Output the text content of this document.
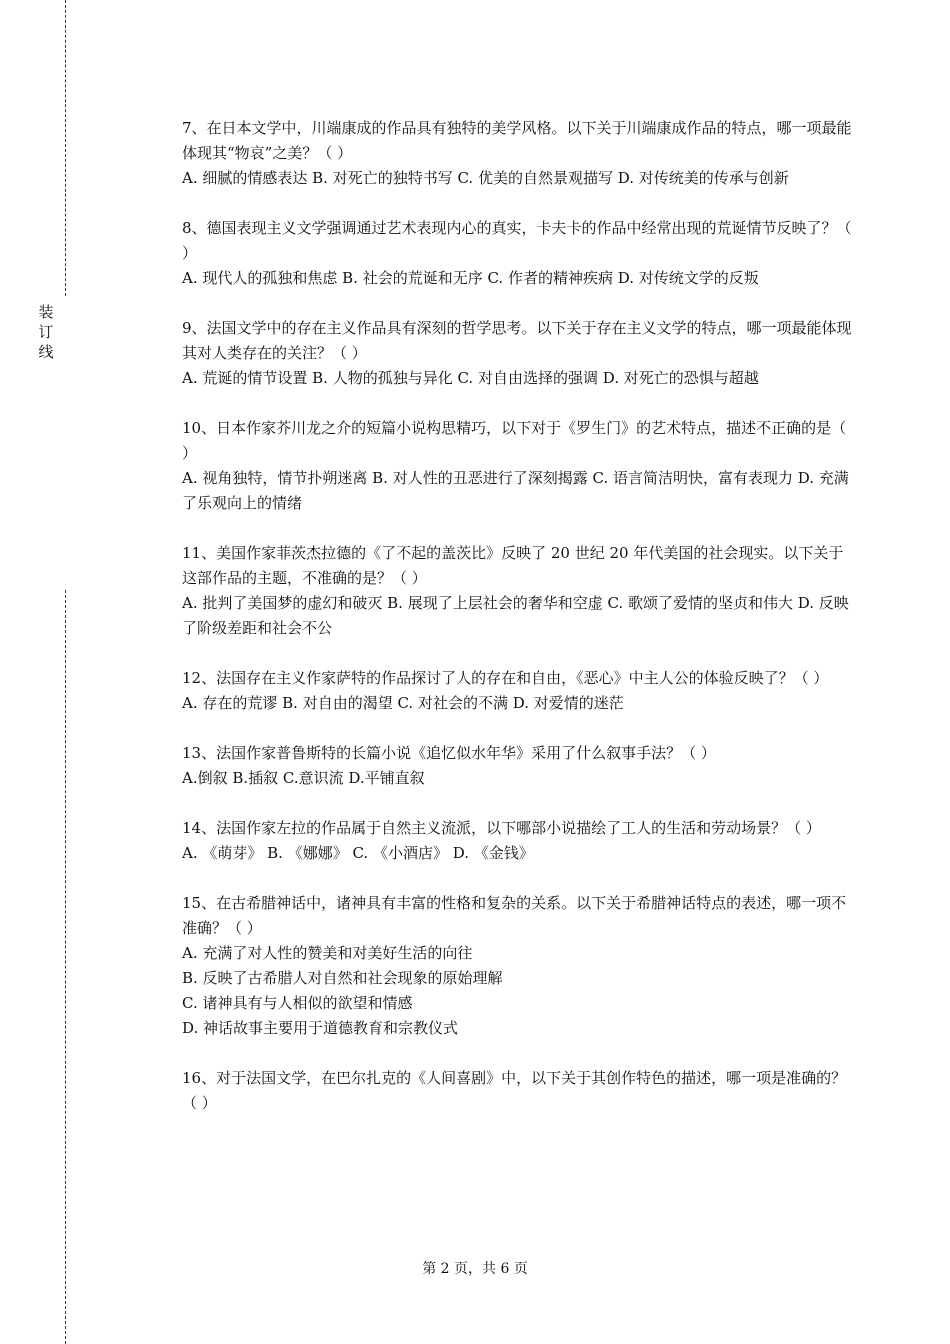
装订线

7、在日本文学中，川端康成的作品具有独特的美学风格。以下关于川端康成作品的特点，哪一项最能体现其“物哀”之美？（ ）

A. 细腻的情感表达 B. 对死亡的独特书写 C. 优美的自然景观描写 D. 对传统美的传承与创新

8、德国表现主义文学强调通过艺术表现内心的真实，卡夫卡的作品中经常出现的荒诞情节反映了？（ ）

A. 现代人的孤独和焦虑 B. 社会的荒诞和无序 C. 作者的精神疾病 D. 对传统文学的反叛

9、法国文学中的存在主义作品具有深刻的哲学思考。以下关于存在主义文学的特点，哪一项最能体现其对人类存在的关注？（ ）

A. 荒诞的情节设置 B. 人物的孤独与异化 C. 对自由选择的强调 D. 对死亡的恐惧与超越

10、日本作家芥川龙之介的短篇小说构思精巧，以下对于《罗生门》的艺术特点，描述不正确的是（ ）

A. 视角独特，情节扑朔迷离 B. 对人性的丑恶进行了深刻揭露 C. 语言简洁明快，富有表现力 D. 充满了乐观向上的情绪

11、美国作家菲茨杰拉德的《了不起的盖茨比》反映了 20 世纪 20 年代美国的社会现实。以下关于这部作品的主题，不准确的是？（ ）

A. 批判了美国梦的虚幻和破灭 B. 展现了上层社会的奢华和空虚 C. 歌颂了爱情的坚贞和伟大 D. 反映了阶级差距和社会不公

12、法国存在主义作家萨特的作品探讨了人的存在和自由，《恶心》中主人公的体验反映了？（ ）

A. 存在的荒谬 B. 对自由的渴望 C. 对社会的不满 D. 对爱情的迷茫

13、法国作家普鲁斯特的长篇小说《追忆似水年华》采用了什么叙事手法？（ ）

A.倒叙 B.插叙 C.意识流 D.平铺直叙

14、法国作家左拉的作品属于自然主义流派，以下哪部小说描绘了工人的生活和劳动场景？（ ）

A. 《萌芽》 B. 《娜娜》 C. 《小酒店》 D. 《金钱》

15、在古希腊神话中，诸神具有丰富的性格和复杂的关系。以下关于希腊神话特点的表述，哪一项不准确？（ ）

A. 充满了对人性的赞美和对美好生活的向往

B. 反映了古希腊人对自然和社会现象的原始理解

C. 诸神具有与人相似的欲望和情感

D. 神话故事主要用于道德教育和宗教仪式

16、对于法国文学，在巴尔扎克的《人间喜剧》中，以下关于其创作特色的描述，哪一项是准确的？（ ）

第 2 页，共 6 页
